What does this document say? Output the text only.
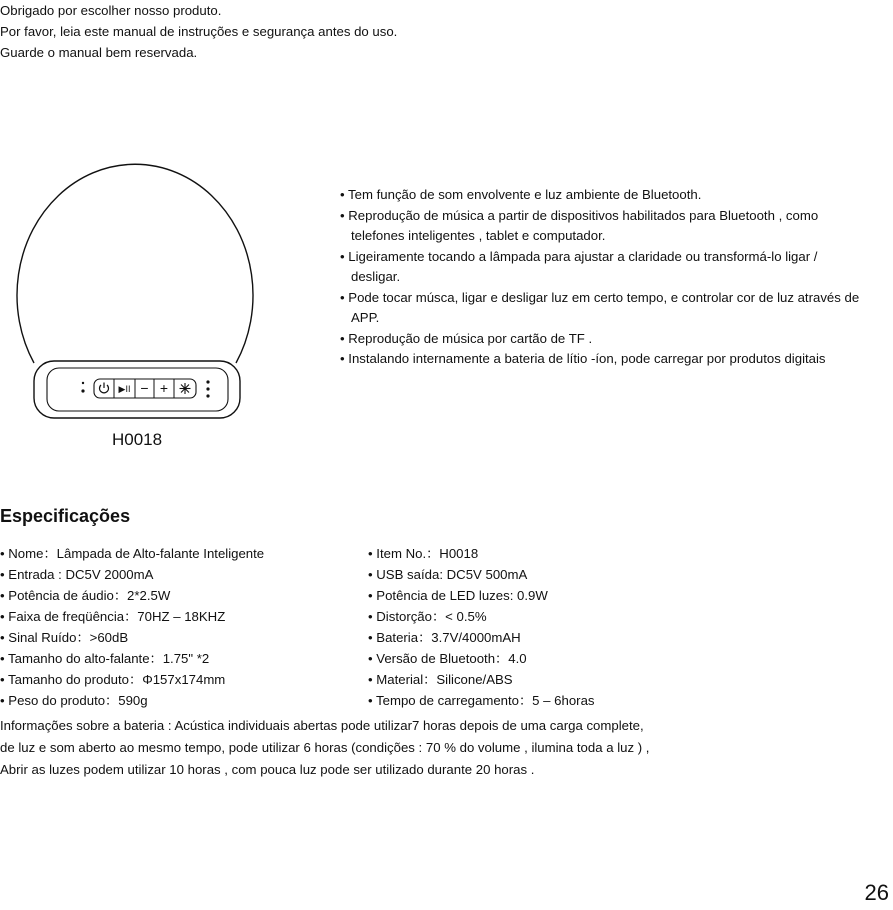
Obrigado por escolher nosso produto.

Por favor, leia este manual de instruções e segurança antes do uso.

Guarde o manual bem reservada.

▶II − +
H0018
• Tem função de som envolvente e luz ambiente de Bluetooth.
• Reprodução de música a partir de dispositivos habilitados para Bluetooth , como telefones inteligentes , tablet e computador.
• Ligeiramente tocando a lâmpada para ajustar a claridade ou transformá-lo ligar / desligar.
• Pode tocar músca, ligar e desligar luz em certo tempo, e controlar cor de luz através de APP.
• Reprodução de música por cartão de TF .
• Instalando internamente a bateria de lítio -íon, pode carregar por produtos digitais
Especificações
• Nome：Lâmpada de Alto-falante Inteligente
• Entrada : DC5V 2000mA
• Potência de áudio：2*2.5W
• Faixa de freqüência：70HZ – 18KHZ
• Sinal Ruído：>60dB
• Tamanho do alto-falante：1.75" *2
• Tamanho do produto：Φ157x174mm
• Peso do produto：590g
• Item No.：H0018
• USB saída: DC5V 500mA
• Potência de LED luzes: 0.9W
• Distorção：< 0.5%
• Bateria：3.7V/4000mAH
• Versão de Bluetooth：4.0
• Material：Silicone/ABS
• Tempo de carregamento：5 – 6horas

Informações sobre a bateria : Acústica individuais abertas pode utilizar7 horas depois de uma carga complete,

de luz e som aberto ao mesmo tempo, pode utilizar 6 horas (condições : 70 % do volume , ilumina toda a luz ) ,

Abrir as luzes podem utilizar 10 horas , com pouca luz pode ser utilizado durante 20 horas .

26
